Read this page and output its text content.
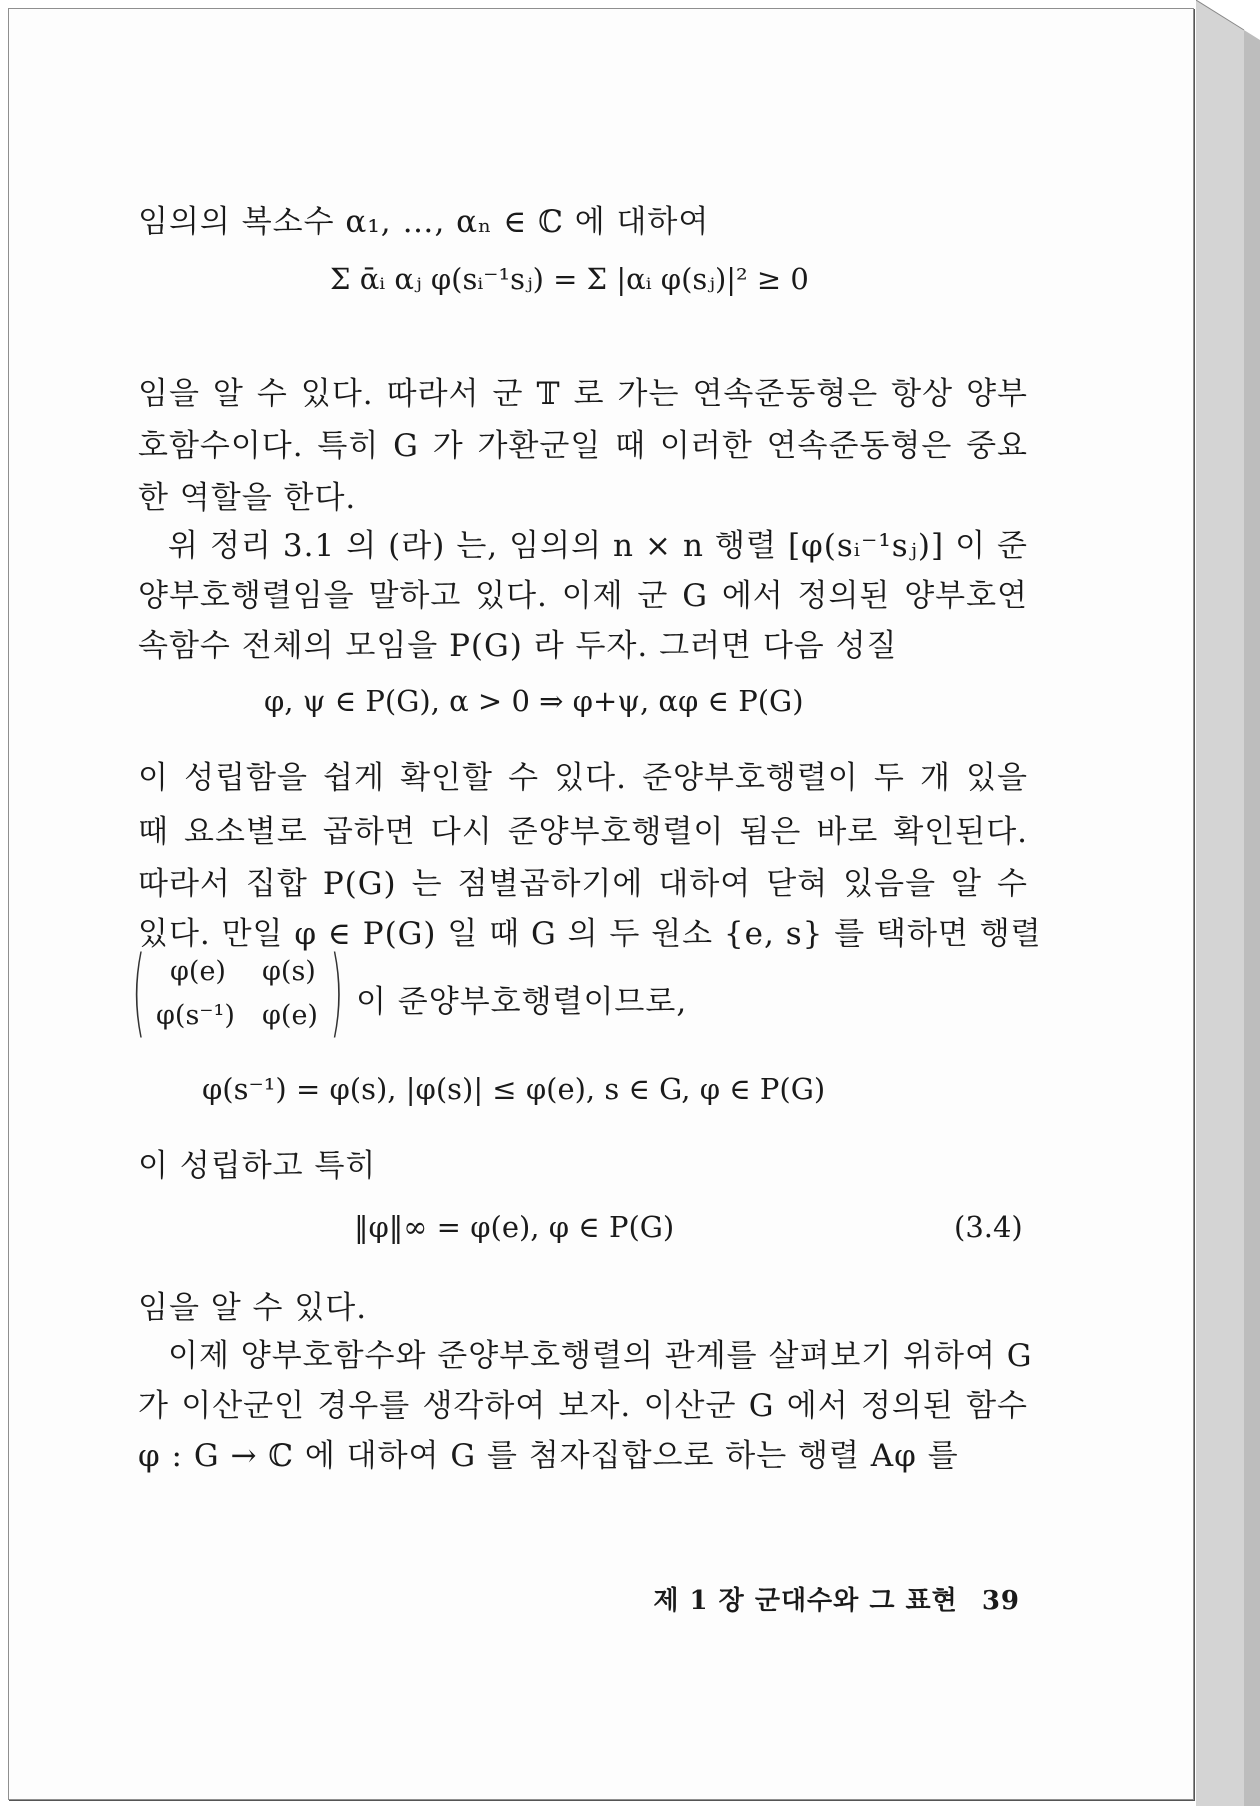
임의의 복소수 α₁, …, αₙ ∈ ℂ 에 대하여
Σ ᾱᵢ αⱼ φ(sᵢ⁻¹sⱼ) = Σ |αᵢ φ(sⱼ)|² ≥ 0
임을 알 수 있다. 따라서 군 𝕋 로 가는 연속준동형은 항상 양부
호함수이다. 특히 G 가 가환군일 때 이러한 연속준동형은 중요
한 역할을 한다.
위 정리 3.1 의 (라) 는, 임의의 n × n 행렬 [φ(sᵢ⁻¹sⱼ)] 이 준
양부호행렬임을 말하고 있다. 이제 군 G 에서 정의된 양부호연
속함수 전체의 모임을 P(G) 라 두자. 그러면 다음 성질
φ, ψ ∈ P(G), α > 0 ⇒ φ+ψ, αφ ∈ P(G)
이 성립함을 쉽게 확인할 수 있다. 준양부호행렬이 두 개 있을
때 요소별로 곱하면 다시 준양부호행렬이 됨은 바로 확인된다.
따라서 집합 P(G) 는 점별곱하기에 대하여 닫혀 있음을 알 수
있다. 만일 φ ∈ P(G) 일 때 G 의 두 원소 {e, s} 를 택하면 행렬
( φ(e) φ(s)
φ(s⁻¹) φ(e) ) 이 준양부호행렬이므로,
φ(s⁻¹) = φ(s), |φ(s)| ≤ φ(e), s ∈ G, φ ∈ P(G)
이 성립하고 특히
‖φ‖∞ = φ(e), φ ∈ P(G)	(3.4)
임을 알 수 있다.
이제 양부호함수와 준양부호행렬의 관계를 살펴보기 위하여 G
가 이산군인 경우를 생각하여 보자. 이산군 G 에서 정의된 함수
φ : G → ℂ 에 대하여 G 를 첨자집합으로 하는 행렬 Aφ 를
제 1 장 군대수와 그 표현 39
